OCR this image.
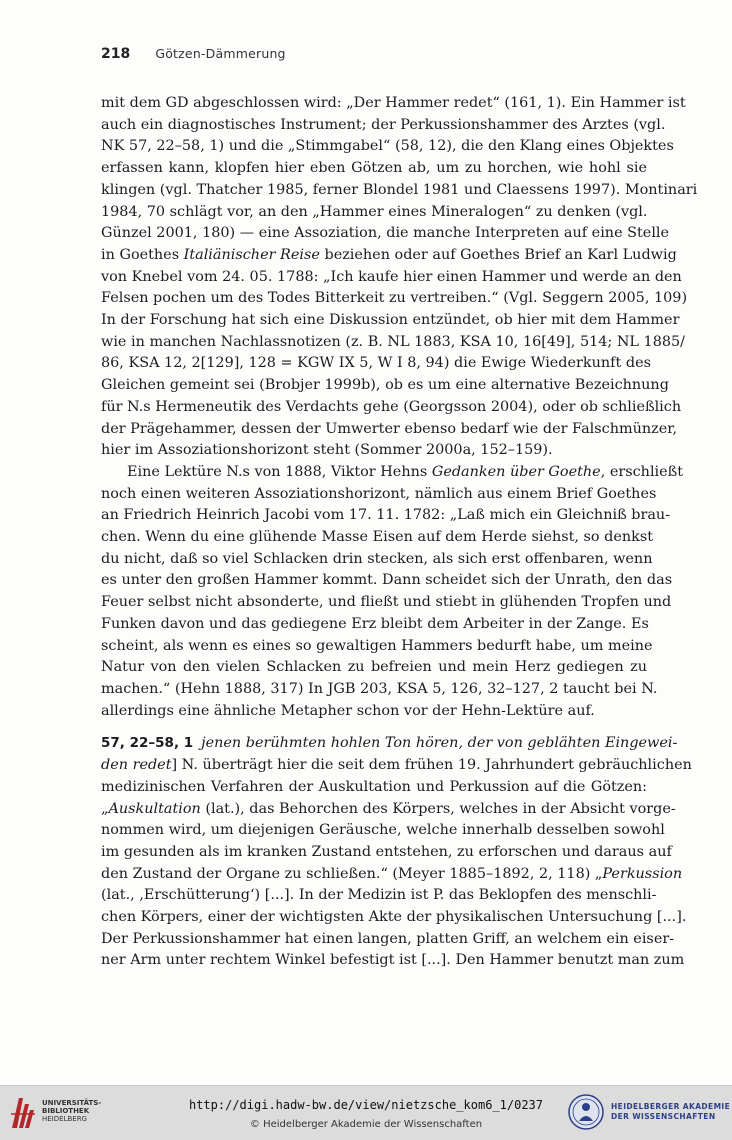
218 Götzen-Dämmerung
mit dem GD abgeschlossen wird: „Der Hammer redet“ (161, 1). Ein Hammer ist
auch ein diagnostisches Instrument; der Perkussionshammer des Arztes (vgl.
NK 57, 22–58, 1) und die „Stimmgabel“ (58, 12), die den Klang eines Objektes
erfassen kann, klopfen hier eben Götzen ab, um zu horchen, wie hohl sie
klingen (vgl. Thatcher 1985, ferner Blondel 1981 und Claessens 1997). Montinari
1984, 70 schlägt vor, an den „Hammer eines Mineralogen“ zu denken (vgl.
Günzel 2001, 180) — eine Assoziation, die manche Interpreten auf eine Stelle
in Goethes Italiänischer Reise beziehen oder auf Goethes Brief an Karl Ludwig
von Knebel vom 24. 05. 1788: „Ich kaufe hier einen Hammer und werde an den
Felsen pochen um des Todes Bitterkeit zu vertreiben.“ (Vgl. Seggern 2005, 109)
In der Forschung hat sich eine Diskussion entzündet, ob hier mit dem Hammer
wie in manchen Nachlassnotizen (z. B. NL 1883, KSA 10, 16[49], 514; NL 1885/
86, KSA 12, 2[129], 128 = KGW IX 5, W I 8, 94) die Ewige Wiederkunft des
Gleichen gemeint sei (Brobjer 1999b), ob es um eine alternative Bezeichnung
für N.s Hermeneutik des Verdachts gehe (Georgsson 2004), oder ob schließlich
der Prägehammer, dessen der Umwerter ebenso bedarf wie der Falschmünzer,
hier im Assoziationshorizont steht (Sommer 2000a, 152–159).
Eine Lektüre N.s von 1888, Viktor Hehns Gedanken über Goethe, erschließt
noch einen weiteren Assoziationshorizont, nämlich aus einem Brief Goethes
an Friedrich Heinrich Jacobi vom 17. 11. 1782: „Laß mich ein Gleichniß brau-
chen. Wenn du eine glühende Masse Eisen auf dem Herde siehst, so denkst
du nicht, daß so viel Schlacken drin stecken, als sich erst offenbaren, wenn
es unter den großen Hammer kommt. Dann scheidet sich der Unrath, den das
Feuer selbst nicht absonderte, und fließt und stiebt in glühenden Tropfen und
Funken davon und das gediegene Erz bleibt dem Arbeiter in der Zange. Es
scheint, als wenn es eines so gewaltigen Hammers bedurft habe, um meine
Natur von den vielen Schlacken zu befreien und mein Herz gediegen zu
machen.“ (Hehn 1888, 317) In JGB 203, KSA 5, 126, 32–127, 2 taucht bei N.
allerdings eine ähnliche Metapher schon vor der Hehn-Lektüre auf.
57, 22–58, 1 jenen berühmten hohlen Ton hören, der von geblähten Eingewei-
den redet] N. überträgt hier die seit dem frühen 19. Jahrhundert gebräuchlichen
medizinischen Verfahren der Auskultation und Perkussion auf die Götzen:
„Auskultation (lat.), das Behorchen des Körpers, welches in der Absicht vorge-
nommen wird, um diejenigen Geräusche, welche innerhalb desselben sowohl
im gesunden als im kranken Zustand entstehen, zu erforschen und daraus auf
den Zustand der Organe zu schließen.“ (Meyer 1885–1892, 2, 118) „Perkussion
(lat., ‚Erschütterung‘) [...]. In der Medizin ist P. das Beklopfen des menschli-
chen Körpers, einer der wichtigsten Akte der physikalischen Untersuchung [...].
Der Perkussionshammer hat einen langen, platten Griff, an welchem ein eiser-
ner Arm unter rechtem Winkel befestigt ist [...]. Den Hammer benutzt man zum
UNIVERSITÄTS-
BIBLIOTHEK
HEIDELBERG
http://digi.hadw-bw.de/view/nietzsche_kom6_1/0237
© Heidelberger Akademie der Wissenschaften
HEIDELBERGER AKADEMIE
DER WISSENSCHAFTEN
